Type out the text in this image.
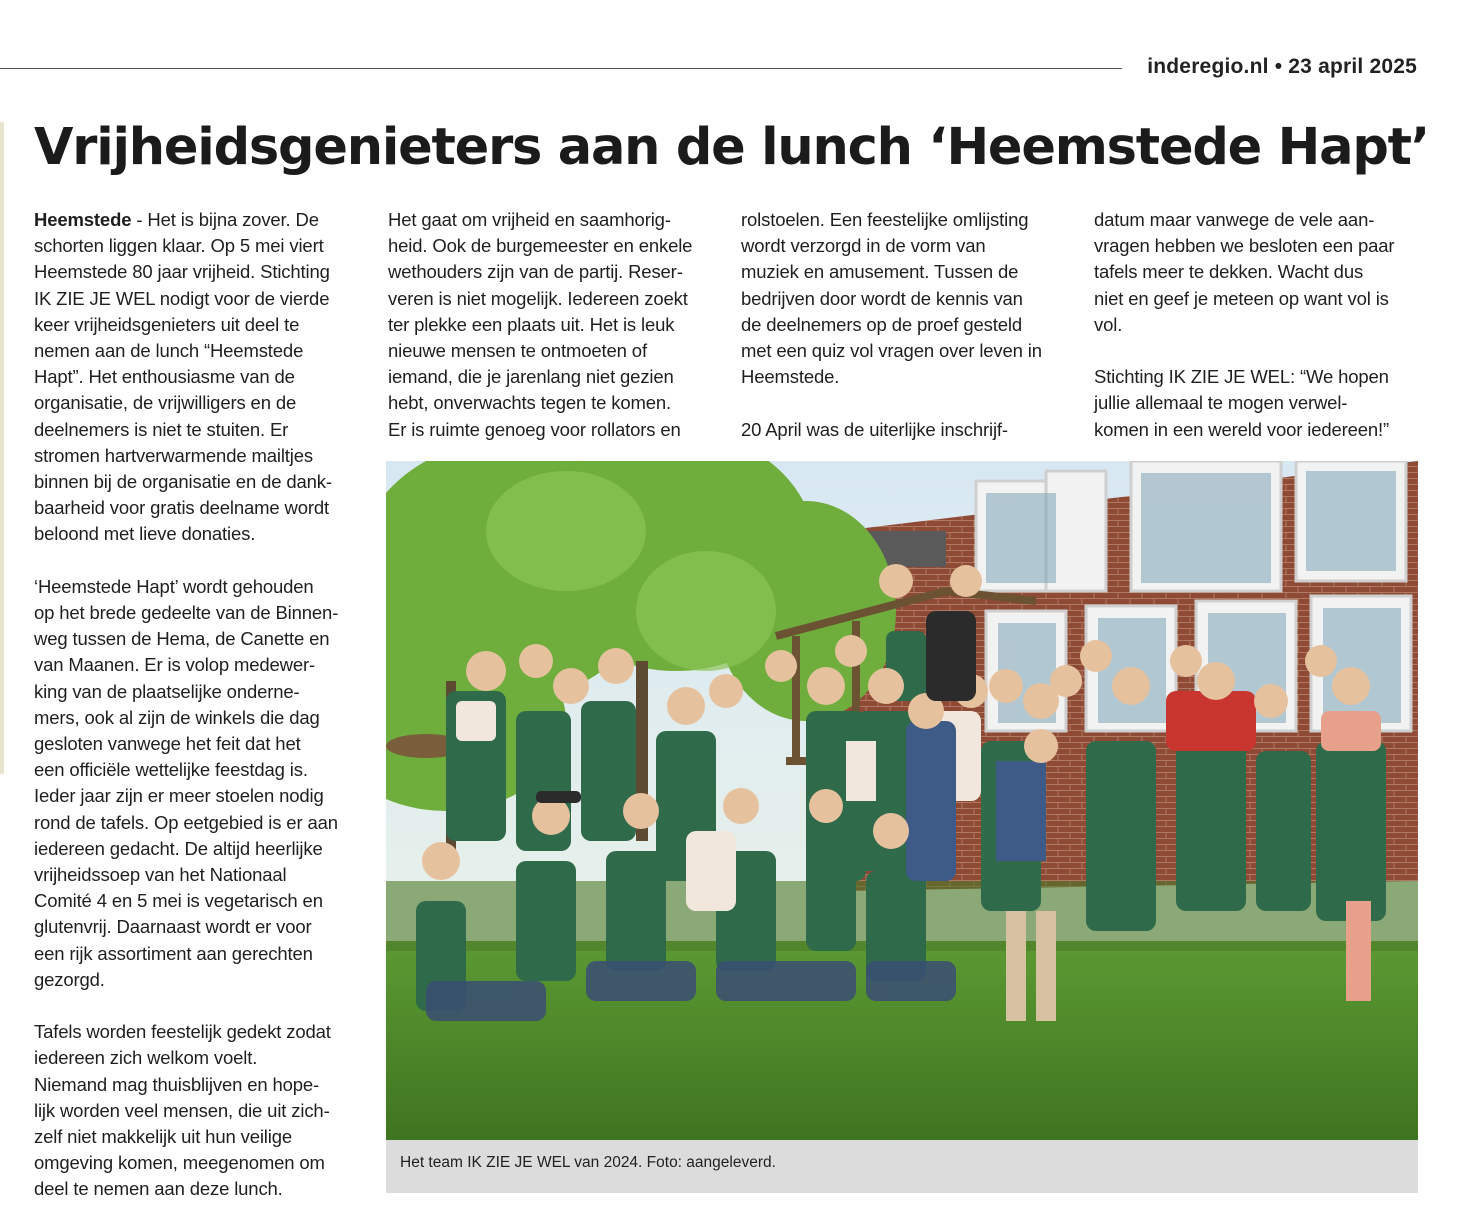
inderegio.nl • 23 april 2025
Vrijheidsgenieters aan de lunch ‘Heemstede Hapt’

Heemstede - Het is bijna zover. De
schorten liggen klaar. Op 5 mei viert
Heemstede 80 jaar vrijheid. Stichting
IK ZIE JE WEL nodigt voor de vierde
keer vrijheidsgenieters uit deel te
nemen aan de lunch “Heemstede
Hapt”. Het enthousiasme van de
organisatie, de vrijwilligers en de
deelnemers is niet te stuiten. Er
stromen hartverwarmende mailtjes
binnen bij de organisatie en de dank-
baarheid voor gratis deelname wordt
beloond met lieve donaties.

‘Heemstede Hapt’ wordt gehouden
op het brede gedeelte van de Binnen-
weg tussen de Hema, de Canette en
van Maanen. Er is volop medewer-
king van de plaatselijke onderne-
mers, ook al zijn de winkels die dag
gesloten vanwege het feit dat het
een officiële wettelijke feestdag is.
Ieder jaar zijn er meer stoelen nodig
rond de tafels. Op eetgebied is er aan
iedereen gedacht. De altijd heerlijke
vrijheidssoep van het Nationaal
Comité 4 en 5 mei is vegetarisch en
glutenvrij. Daarnaast wordt er voor
een rijk assortiment aan gerechten
gezorgd.

Tafels worden feestelijk gedekt zodat
iedereen zich welkom voelt.
Niemand mag thuisblijven en hope-
lijk worden veel mensen, die uit zich-
zelf niet makkelijk uit hun veilige
omgeving komen, meegenomen om
deel te nemen aan deze lunch.

Het gaat om vrijheid en saamhorig-
heid. Ook de burgemeester en enkele
wethouders zijn van de partij. Reser-
veren is niet mogelijk. Iedereen zoekt
ter plekke een plaats uit. Het is leuk
nieuwe mensen te ontmoeten of
iemand, die je jarenlang niet gezien
hebt, onverwachts tegen te komen.
Er is ruimte genoeg voor rollators en

rolstoelen. Een feestelijke omlijsting
wordt verzorgd in de vorm van
muziek en amusement. Tussen de
bedrijven door wordt de kennis van
de deelnemers op de proef gesteld
met een quiz vol vragen over leven in
Heemstede.

20 April was de uiterlijke inschrijf-

datum maar vanwege de vele aan-
vragen hebben we besloten een paar
tafels meer te dekken. Wacht dus
niet en geef je meteen op want vol is
vol.

Stichting IK ZIE JE WEL: “We hopen
jullie allemaal te mogen verwel-
komen in een wereld voor iedereen!”

Het team IK ZIE JE WEL van 2024. Foto: aangeleverd.
